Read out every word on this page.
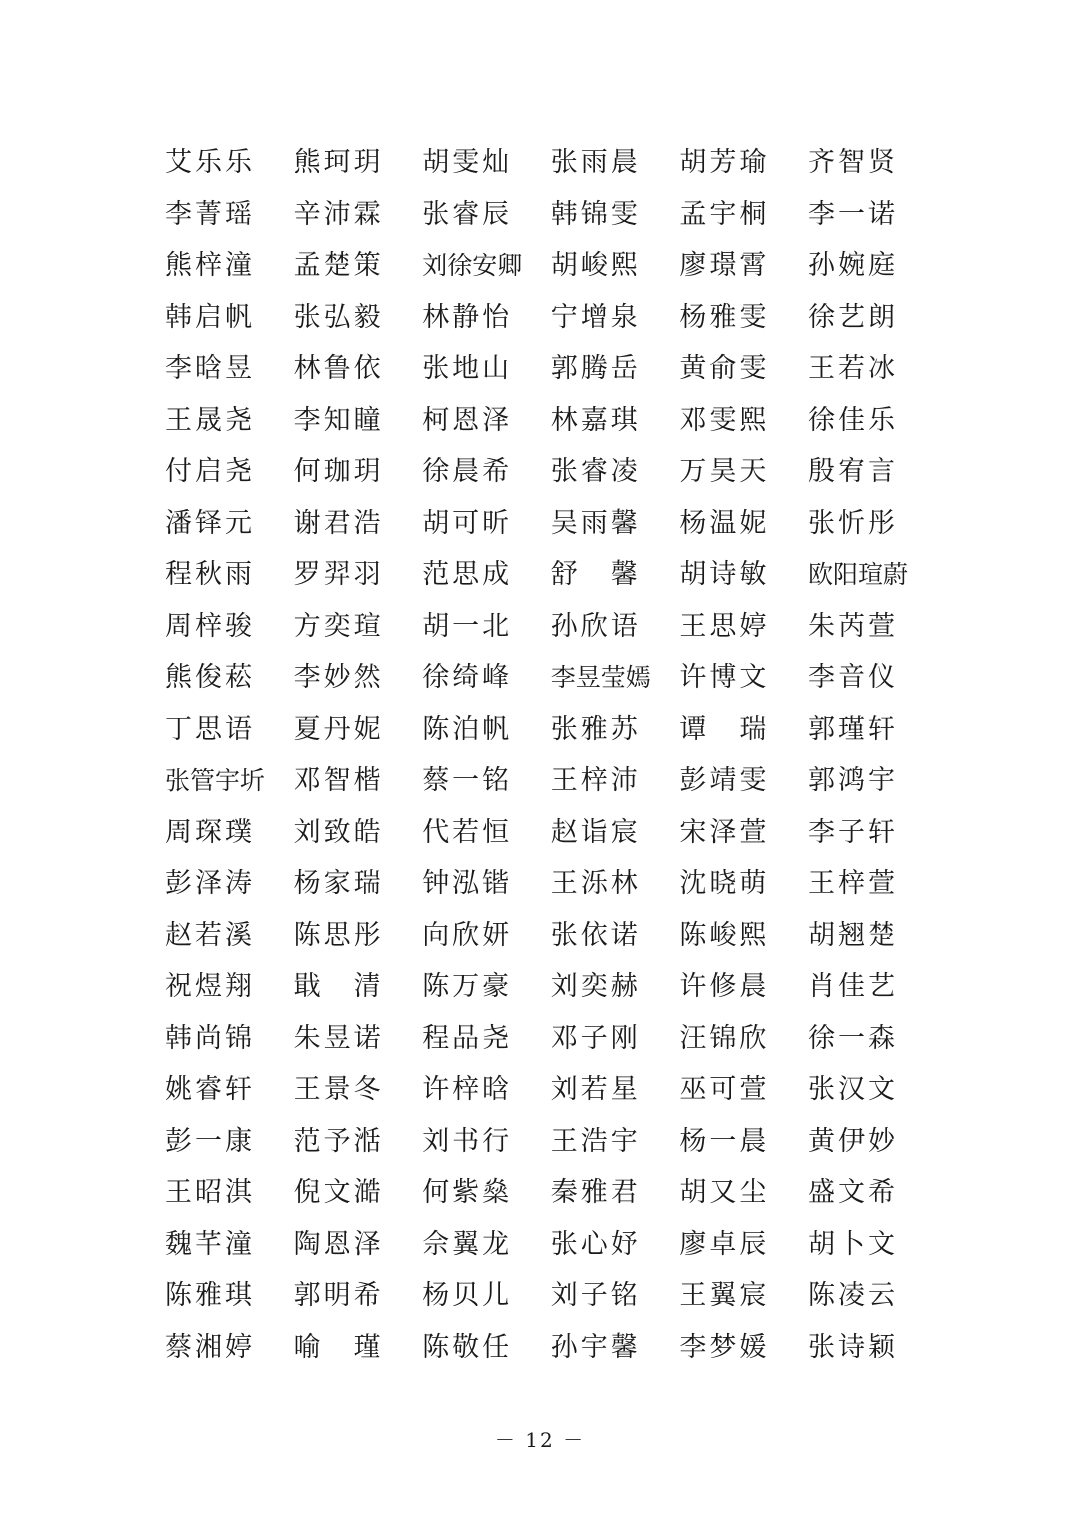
艾乐乐	熊珂玥	胡雯灿	张雨晨	胡芳瑜	齐智贤
李菁瑶	辛沛霖	张睿辰	韩锦雯	孟宇桐	李一诺
熊梓潼	孟楚策	刘徐安卿	胡峻熙	廖璟霄	孙婉庭
韩启帆	张弘毅	林静怡	宁增泉	杨雅雯	徐艺朗
李晗昱	林鲁依	张地山	郭腾岳	黄俞雯	王若冰
王晟尧	李知瞳	柯恩泽	林嘉琪	邓雯熙	徐佳乐
付启尧	何珈玥	徐晨希	张睿凌	万昊天	殷宥言
潘铎元	谢君浩	胡可昕	吴雨馨	杨温妮	张忻彤
程秋雨	罗羿羽	范思成	舒　馨	胡诗敏	欧阳瑄蔚
周梓骏	方奕瑄	胡一北	孙欣语	王思婷	朱芮萱
熊俊菘	李妙然	徐绮峰	李昱莹嫣	许博文	李音仪
丁思语	夏丹妮	陈泊帆	张雅苏	谭　瑞	郭瑾轩
张管宇圻	邓智楷	蔡一铭	王梓沛	彭靖雯	郭鸿宇
周琛璞	刘致皓	代若恒	赵诣宸	宋泽萱	李子轩
彭泽涛	杨家瑞	钟泓锴	王泺林	沈晓萌	王梓萱
赵若溪	陈思彤	向欣妍	张依诺	陈峻熙	胡翘楚
祝煜翔	戢　清	陈万豪	刘奕赫	许修晨	肖佳艺
韩尚锦	朱昱诺	程品尧	邓子刚	汪锦欣	徐一森
姚睿轩	王景冬	许梓晗	刘若星	巫可萱	张汉文
彭一康	范予湉	刘书行	王浩宇	杨一晨	黄伊妙
王昭淇	倪文澔	何紫燊	秦雅君	胡又尘	盛文希
魏芊潼	陶恩泽	佘翼龙	张心妤	廖卓辰	胡卜文
陈雅琪	郭明希	杨贝儿	刘子铭	王翼宸	陈凌云
蔡湘婷	喻　瑾	陈敬任	孙宇馨	李梦媛	张诗颖
－ 12 －
